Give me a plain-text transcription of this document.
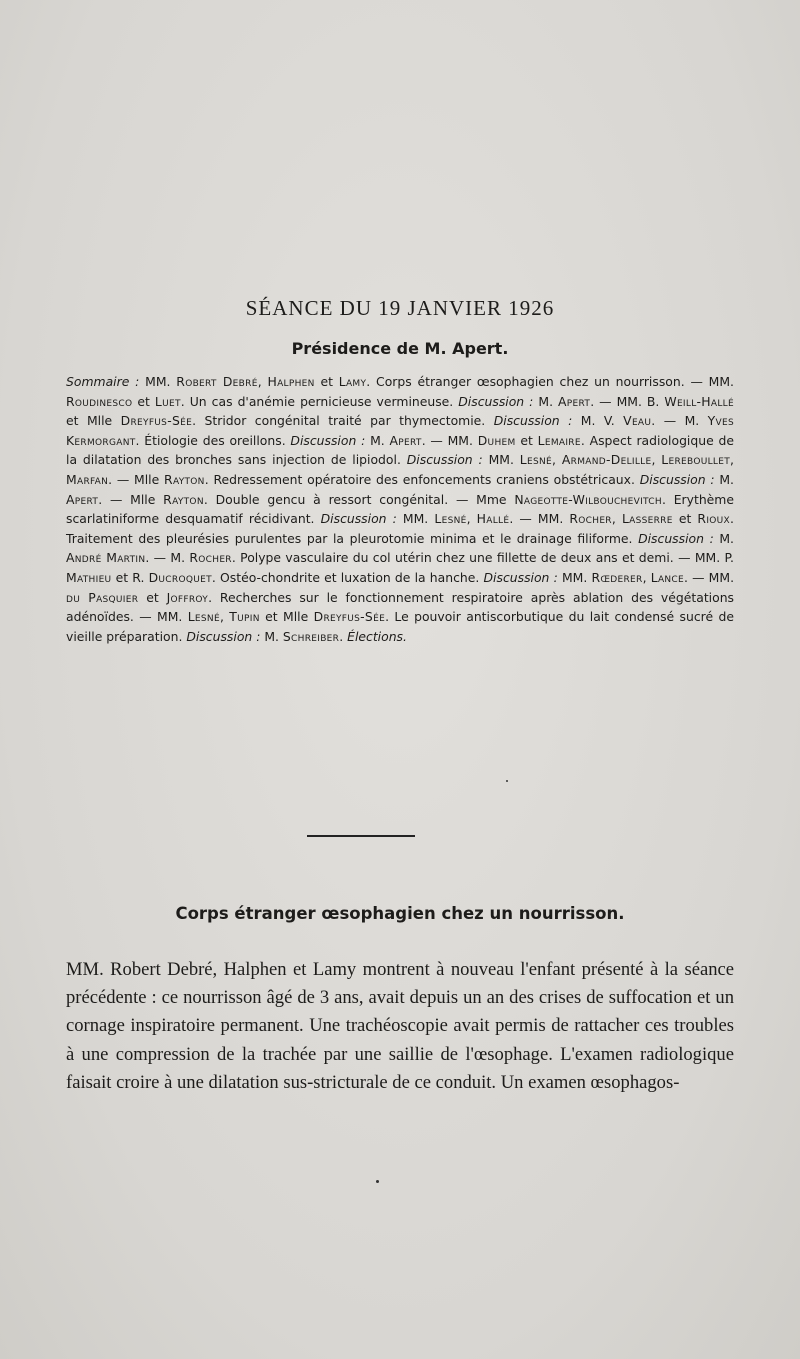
SÉANCE DU 19 JANVIER 1926
Présidence de M. Apert.
Sommaire : MM. Robert Debré, Halphen et Lamy. Corps étranger œsophagien chez un nourrisson. — MM. Roudinesco et Luet. Un cas d'anémie pernicieuse vermineuse. Discussion : M. Apert. — MM. B. Weill-Hallé et Mlle Dreyfus-Sée. Stridor congénital traité par thymectomie. Discussion : M. V. Veau. — M. Yves Kermorgant. Étiologie des oreillons. Discussion : M. Apert. — MM. Duhem et Lemaire. Aspect radiologique de la dilatation des bronches sans injection de lipiodol. Discussion : MM. Lesné, Armand-Delille, Lereboullet, Marfan. — Mlle Rayton. Redressement opératoire des enfoncements craniens obstétricaux. Discussion : M. Apert. — Mlle Rayton. Double gencu à ressort congénital. — Mme Nageotte-Wilbouchevitch. Erythème scarlatiniforme desquamatif récidivant. Discussion : MM. Lesné, Hallé. — MM. Rocher, Lasserre et Rioux. Traitement des pleurésies purulentes par la pleurotomie minima et le drainage filiforme. Discussion : M. André Martin. — M. Rocher. Polype vasculaire du col utérin chez une fillette de deux ans et demi. — MM. P. Mathieu et R. Ducroquet. Ostéo-chondrite et luxation de la hanche. Discussion : MM. Rœderer, Lance. — MM. du Pasquier et Joffroy. Recherches sur le fonctionnement respiratoire après ablation des végétations adénoïdes. — MM. Lesné, Tupin et Mlle Dreyfus-Sée. Le pouvoir antiscorbutique du lait condensé sucré de vieille préparation. Discussion : M. Schreiber. Élections.
Corps étranger œsophagien chez un nourrisson.
MM. Robert Debré, Halphen et Lamy montrent à nouveau l'enfant présenté à la séance précédente : ce nourrisson âgé de 3 ans, avait depuis un an des crises de suffocation et un cornage inspiratoire permanent. Une trachéoscopie avait permis de rattacher ces troubles à une compression de la trachée par une saillie de l'œsophage. L'examen radiologique faisait croire à une dilatation sus-stricturale de ce conduit. Un examen œsophagos-
